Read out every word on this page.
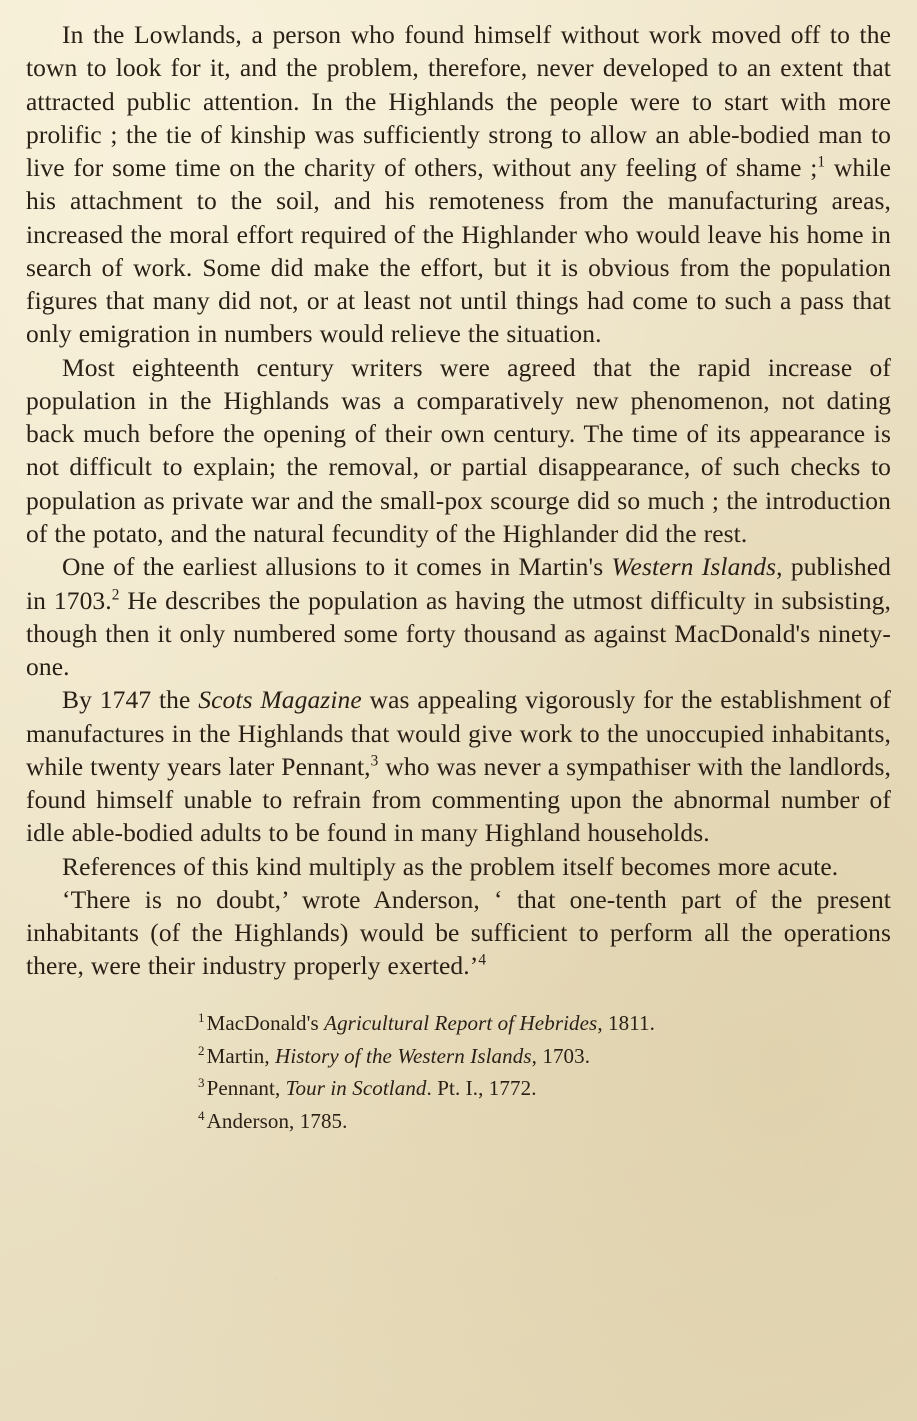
In the Lowlands, a person who found himself without work moved off to the town to look for it, and the problem, therefore, never developed to an extent that attracted public attention. In the Highlands the people were to start with more prolific ; the tie of kinship was sufficiently strong to allow an able-bodied man to live for some time on the charity of others, without any feeling of shame ;$^1$ while his attachment to the soil, and his remoteness from the manufacturing areas, increased the moral effort required of the Highlander who would leave his home in search of work. Some did make the effort, but it is obvious from the population figures that many did not, or at least not until things had come to such a pass that only emigration in numbers would relieve the situation.

Most eighteenth century writers were agreed that the rapid increase of population in the Highlands was a comparatively new phenomenon, not dating back much before the opening of their own century. The time of its appearance is not difficult to explain; the removal, or partial disappearance, of such checks to population as private war and the small-pox scourge did so much ; the introduction of the potato, and the natural fecundity of the Highlander did the rest.

One of the earliest allusions to it comes in Martin's Western Islands, published in 1703.$^2$ He describes the population as having the utmost difficulty in subsisting, though then it only numbered some forty thousand as against MacDonald's ninety-one.

By 1747 the Scots Magazine was appealing vigorously for the establishment of manufactures in the Highlands that would give work to the unoccupied inhabitants, while twenty years later Pennant,$^3$ who was never a sympathiser with the landlords, found himself unable to refrain from commenting upon the abnormal number of idle able-bodied adults to be found in many Highland households.

References of this kind multiply as the problem itself becomes more acute.

‘There is no doubt,’ wrote Anderson, ‘ that one-tenth part of the present inhabitants (of the Highlands) would be sufficient to perform all the operations there, were their industry properly exerted.’$^4$

$^1$MacDonald's Agricultural Report of Hebrides, 1811.

$^2$Martin, History of the Western Islands, 1703.

$^3$Pennant, Tour in Scotland. Pt. I., 1772.

$^4$Anderson, 1785.
